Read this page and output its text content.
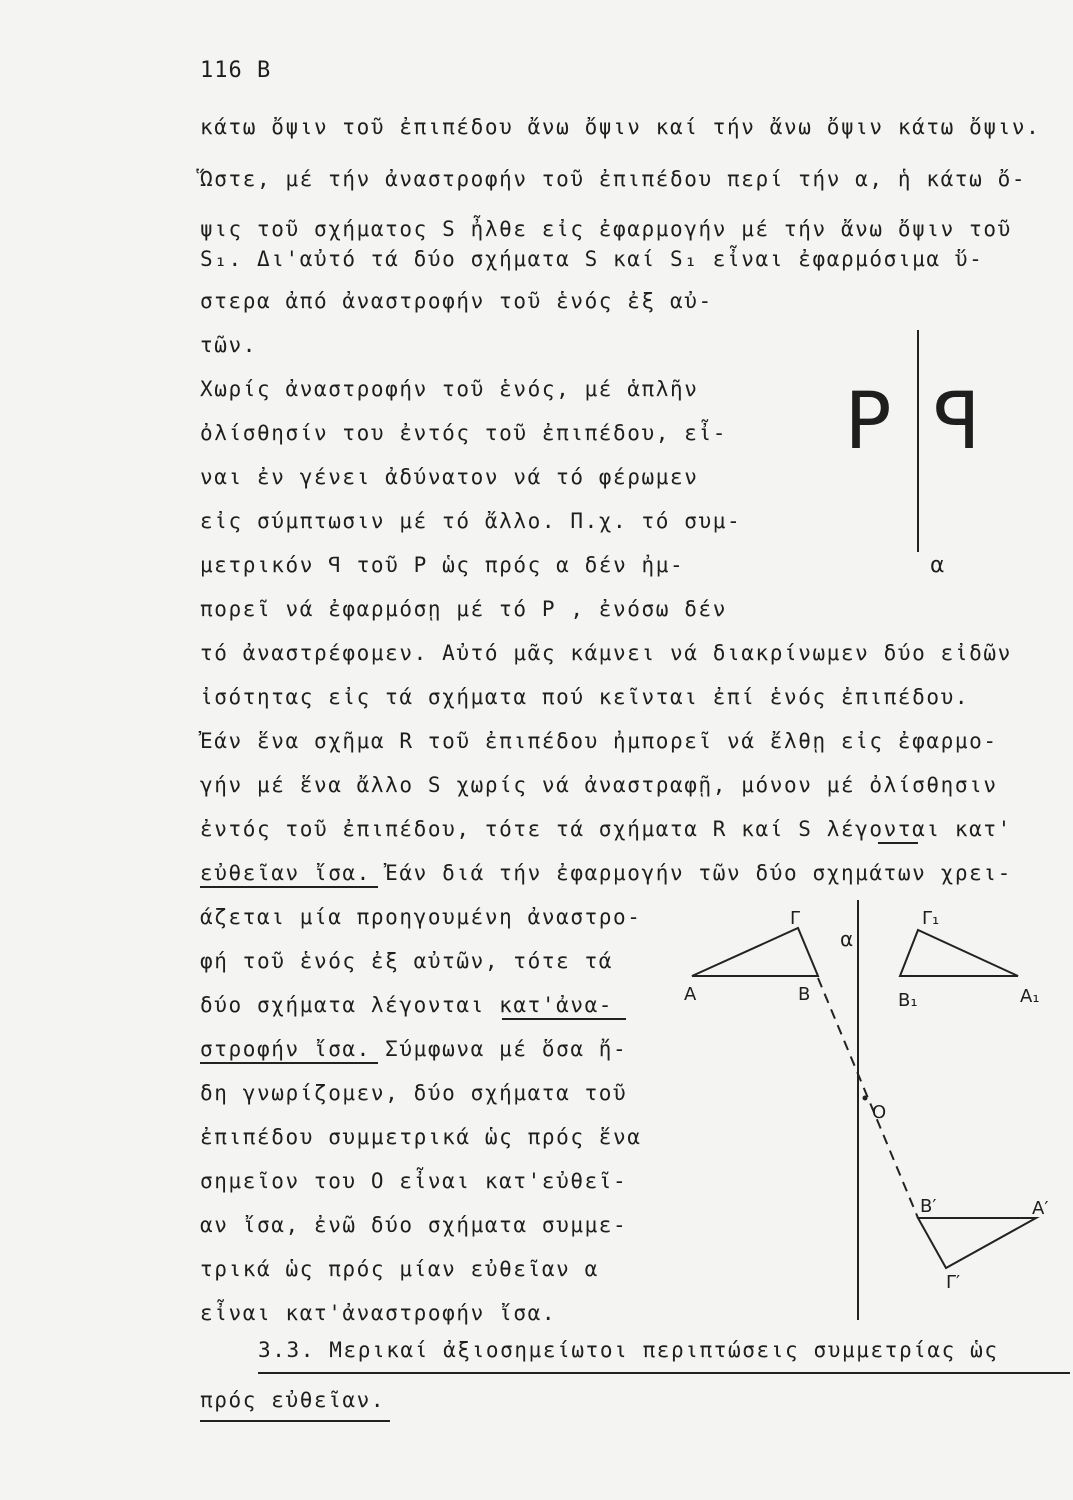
116 B
κάτω ὄψιν τοῦ ἐπιπέδου ἄνω ὄψιν καί τήν ἄνω ὄψιν κάτω ὄψιν.
Ὥστε, μέ τήν ἀναστροφήν τοῦ ἐπιπέδου περί τήν α, ἡ κάτω ὄ-
ψις τοῦ σχήματος S ἦλθε εἰς ἐφαρμογήν μέ τήν ἄνω ὄψιν τοῦ
S₁. Δι'αὐτό τά δύο σχήματα S καί S₁ εἶναι ἐφαρμόσιμα ὕ-
στερα ἀπό ἀναστροφήν τοῦ ἑνός ἐξ αὐ-
τῶν.
Χωρίς ἀναστροφήν τοῦ ἑνός, μέ ἁπλῆν
ὀλίσθησίν του ἐντός τοῦ ἐπιπέδου, εἶ-
ναι ἐν γένει ἀδύνατον νά τό φέρωμεν
εἰς σύμπτωσιν μέ τό ἄλλο. Π.χ. τό συμ-
μετρικόν ꟼ τοῦ P ὡς πρός α δέν ἠμ-
πορεῖ νά ἐφαρμόσῃ μέ τό P , ἐνόσω δέν
τό ἀναστρέφομεν. Αὐτό μᾶς κάμνει νά διακρίνωμεν δύο εἰδῶν
ἰσότητας εἰς τά σχήματα πού κεῖνται ἐπί ἑνός ἐπιπέδου.
Ἐάν ἕνα σχῆμα R τοῦ ἐπιπέδου ἠμπορεῖ νά ἔλθῃ εἰς ἐφαρμο-
γήν μέ ἕνα ἄλλο S χωρίς νά ἀναστραφῇ, μόνον μέ ὀλίσθησιν
ἐντός τοῦ ἐπιπέδου, τότε τά σχήματα R καί S λέγονται κατ'
εὐθεῖαν ἴσα. Ἐάν διά τήν ἐφαρμογήν τῶν δύο σχημάτων χρει-
άζεται μία προηγουμένη ἀναστρο-
φή τοῦ ἑνός ἐξ αὐτῶν, τότε τά
δύο σχήματα λέγονται κατ'ἀνα-
στροφήν ἴσα. Σύμφωνα μέ ὅσα ἤ-
δη γνωρίζομεν, δύο σχήματα τοῦ
ἐπιπέδου συμμετρικά ὡς πρός ἕνα
σημεῖον του O εἶναι κατ'εὐθεῖ-
αν ἴσα, ἐνῶ δύο σχήματα συμμε-
τρικά ὡς πρός μίαν εὐθεῖαν α
εἶναι κατ'ἀναστροφήν ἴσα.
P ꟼ
α
α
A	B
Γ
B₁	A₁
Γ₁
O
B′	A′
Γ′
3.3. Μερικαί ἀξιοσημείωτοι περιπτώσεις συμμετρίας ὡς
πρός εὐθεῖαν.
